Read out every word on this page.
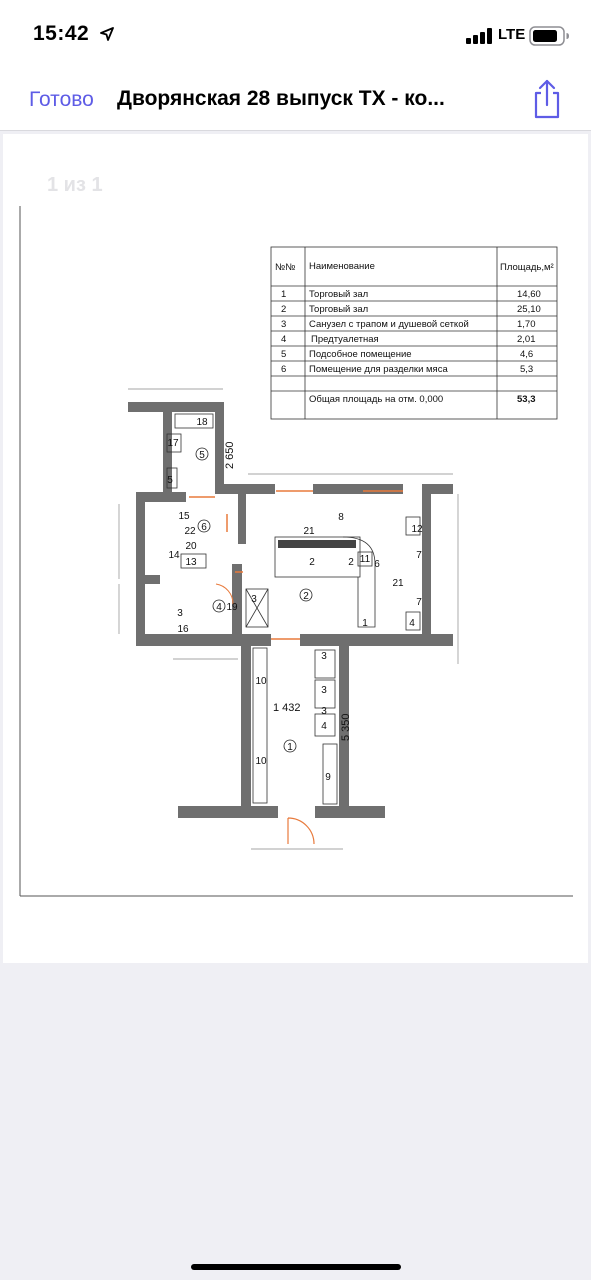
15:42	LTE
Готово Дворянская 28 выпуск ТХ - ко...
1 из 1
№№ Наименование	Площадь,м²
1 Торговый зал	14,60
2 Торговый зал	25,10
3 Санузел с трапом и душевой сеткой	1,70
4	Предтуалетная	2,01
5 Подсобное помещение	4,6
6 Помещение для разделки мяса	5,3
Общая площадь на отм. 0,000	53,3
5
6
2
4
1
18
17
5
15
22
20
14
13
3
16
19
3
8
21
2	2 11 6
12
7
21
7
4
1
10
10
3
3
3
4
9
2 650
1 432
5 350
